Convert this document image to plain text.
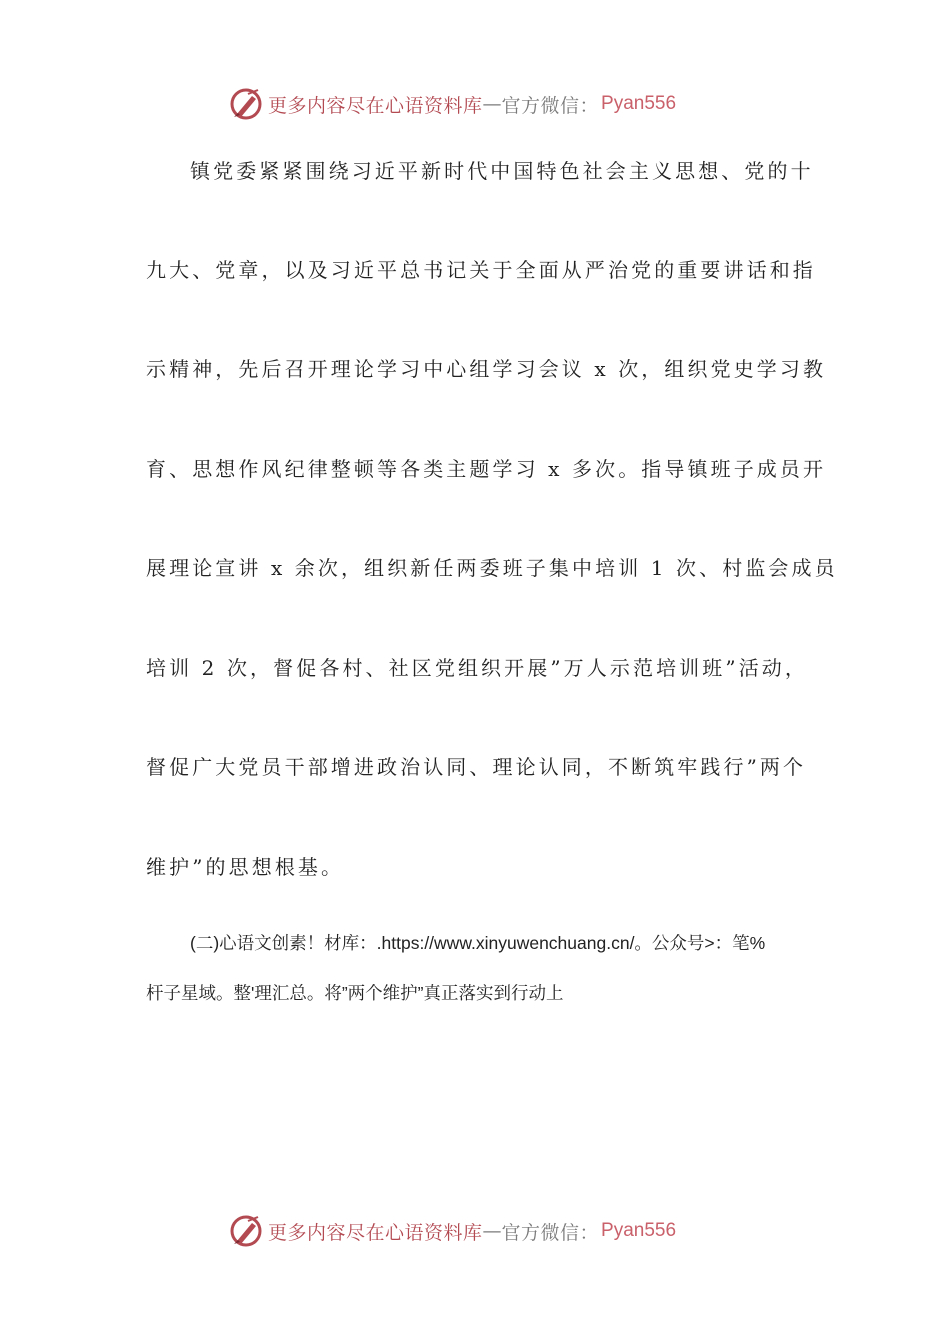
更多内容尽在心语资料库 — 官方微信： Pyan556
镇党委紧紧围绕习近平新时代中国特色社会主义思想、党的十
九大、党章，以及习近平总书记关于全面从严治党的重要讲话和指
示精神，先后召开理论学习中心组学习会议 x 次，组织党史学习教
育、思想作风纪律整顿等各类主题学习 x 多次。指导镇班子成员开
展理论宣讲 x 余次，组织新任两委班子集中培训 1 次、村监会成员
培训 2 次，督促各村、社区党组织开展”万人示范培训班”活动，
督促广大党员干部增进政治认同、理论认同，不断筑牢践行”两个
维护”的思想根基。
(二)心语文创素！材库：.https://www.xinyuwenchuang.cn/。公众号>：笔%
杆子星域。整'理汇总。将”两个维护”真正落实到行动上
更多内容尽在心语资料库 — 官方微信： Pyan556
